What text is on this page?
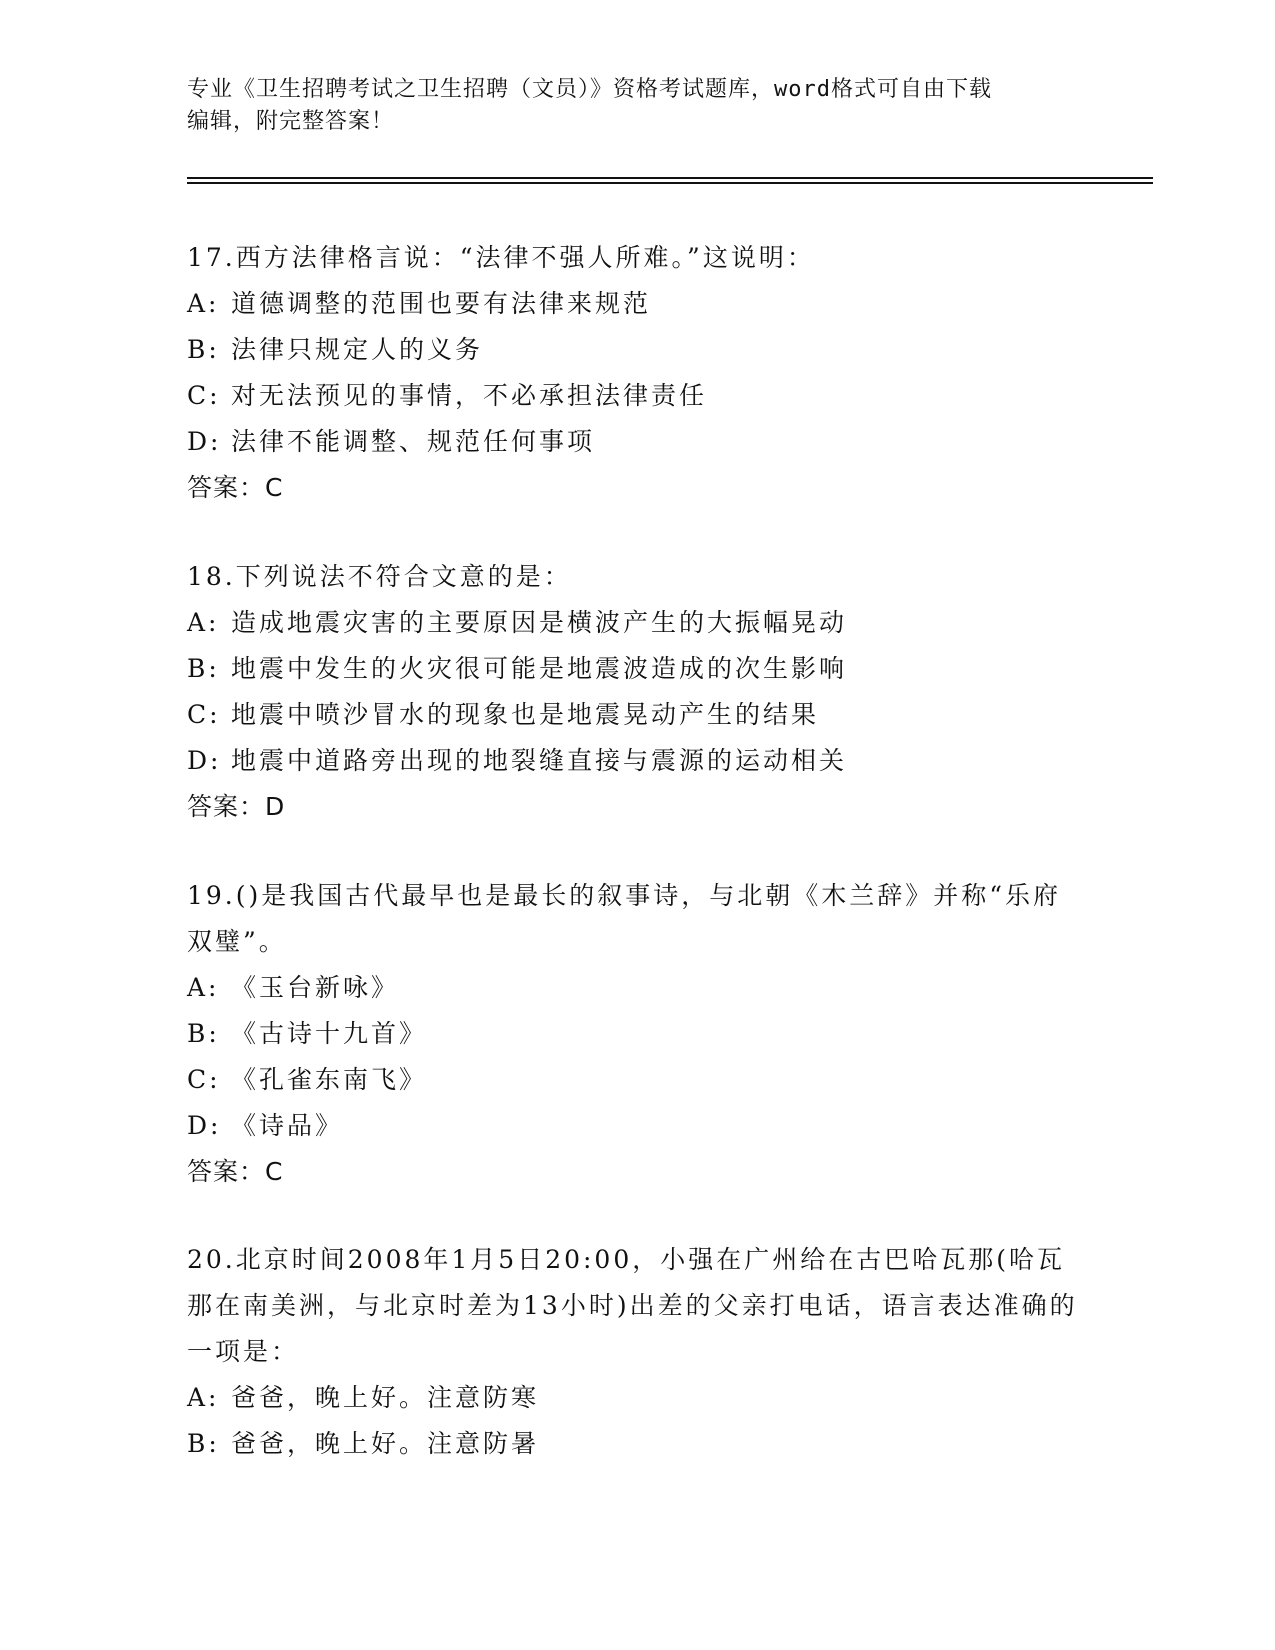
专业《卫生招聘考试之卫生招聘（文员）》资格考试题库，word格式可自由下载
编辑，附完整答案！
17.西方法律格言说：“法律不强人所难。”这说明：
A: 道德调整的范围也要有法律来规范
B: 法律只规定人的义务
C: 对无法预见的事情，不必承担法律责任
D: 法律不能调整、规范任何事项
答案：C
18.下列说法不符合文意的是：
A: 造成地震灾害的主要原因是横波产生的大振幅晃动
B: 地震中发生的火灾很可能是地震波造成的次生影响
C: 地震中喷沙冒水的现象也是地震晃动产生的结果
D: 地震中道路旁出现的地裂缝直接与震源的运动相关
答案：D
19.()是我国古代最早也是最长的叙事诗，与北朝《木兰辞》并称“乐府双璧”。
A: 《玉台新咏》
B: 《古诗十九首》
C: 《孔雀东南飞》
D: 《诗品》
答案：C
20.北京时间2008年1月5日20:00，小强在广州给在古巴哈瓦那(哈瓦那在南美洲，与北京时差为13小时)出差的父亲打电话，语言表达准确的一项是：
A: 爸爸，晚上好。注意防寒
B: 爸爸，晚上好。注意防暑
